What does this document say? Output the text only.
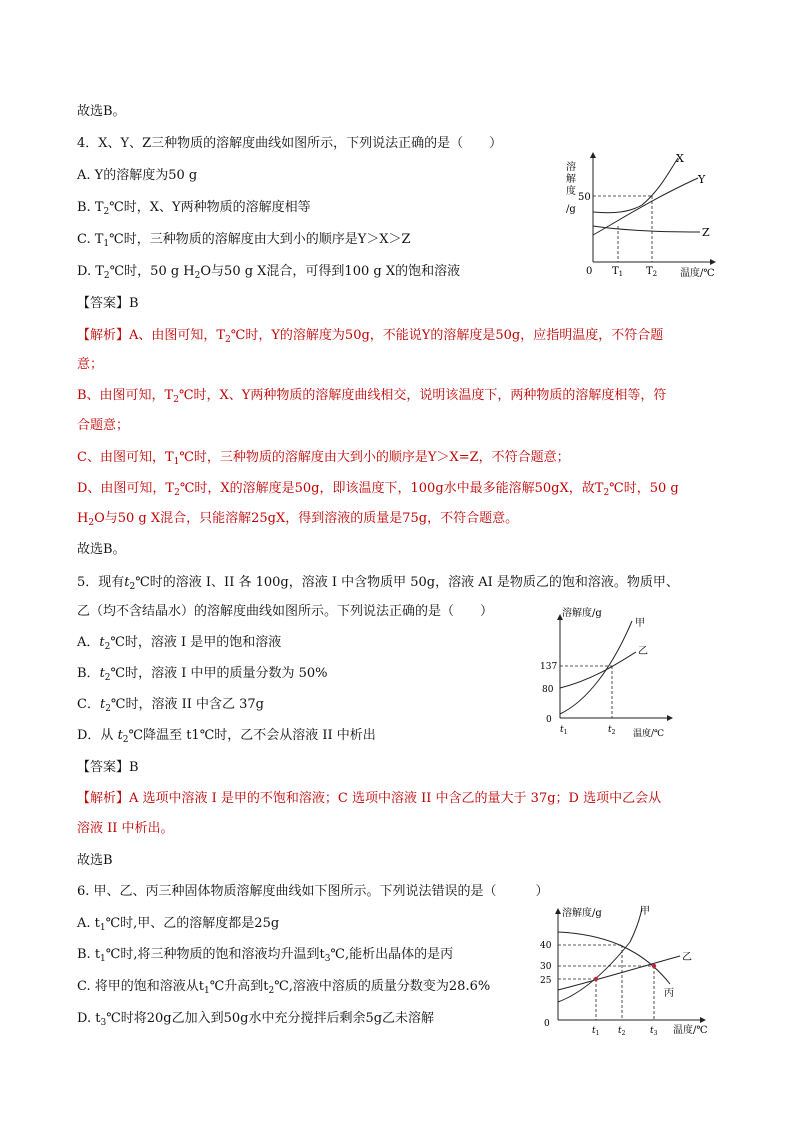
故选B。
4．X、Y、Z三种物质的溶解度曲线如图所示，下列说法正确的是（　　）
A. Y的溶解度为50 g
B. $T_2℃$时，X、Y两种物质的溶解度相等
C. $T_1℃$时，三种物质的溶解度由大到小的顺序是Y＞X＞Z
D. $T_2℃$时，50 g $H_2O$与50 g X混合，可得到100 g X的饱和溶液
【答案】B
【解析】A、由图可知，$T_2℃$时，Y的溶解度为50g，不能说Y的溶解度是50g，应指明温度，不符合题
意；
B、由图可知，$T_2℃$时，X、Y两种物质的溶解度曲线相交，说明该温度下，两种物质的溶解度相等，符
合题意；
C、由图可知，$T_1℃$时，三种物质的溶解度由大到小的顺序是Y＞X=Z，不符合题意；
D、由图可知，$T_2℃$时，X的溶解度是50g，即该温度下，100g水中最多能溶解50gX，故$T_2℃$时，50 g
$H_2O$与50 g X混合，只能溶解25gX，得到溶液的质量是75g，不符合题意。
故选B。
溶
解
度
/g
50
X
Y
Z
0 $T_1$ $T_2$ 温度/℃
5．现有$t_2℃$时的溶液 I、II 各 100g，溶液 I 中含物质甲 50g，溶液 AI 是物质乙的饱和溶液。物质甲、
乙（均不含结晶水）的溶解度曲线如图所示。下列说法正确的是（　　）
A．$t_2℃$时，溶液 I 是甲的饱和溶液
B．$t_2℃$时，溶液 I 中甲的质量分数为 50%
C．$t_2℃$时，溶液 II 中含乙 37g
D．从 $t_2℃$降温至 t1℃时，乙不会从溶液 II 中析出
【答案】B
【解析】A 选项中溶液 I 是甲的不饱和溶液；C 选项中溶液 II 中含乙的量大于 37g；D 选项中乙会从
溶液 II 中析出。
故选B
溶解度/g
137
80
0
甲
乙
$t_1$	$t_2$ 温度/℃
6. 甲、乙、丙三种固体物质溶解度曲线如下图所示。下列说法错误的是（　　　）
A. $t_1℃$时,甲、乙的溶解度都是25g
B. $t_1℃$时,将三种物质的饱和溶液均升温到$t_3℃$,能析出晶体的是丙
C. 将甲的饱和溶液从$t_1℃$升高到$t_2℃$,溶液中溶质的质量分数变为28.6%
D. $t_3℃$时将20g乙加入到50g水中充分搅拌后剩余5g乙未溶解
溶解度/g
40
30
25
0
甲
乙
丙
$t_1$ $t_2$	$t_3$ 温度/℃
